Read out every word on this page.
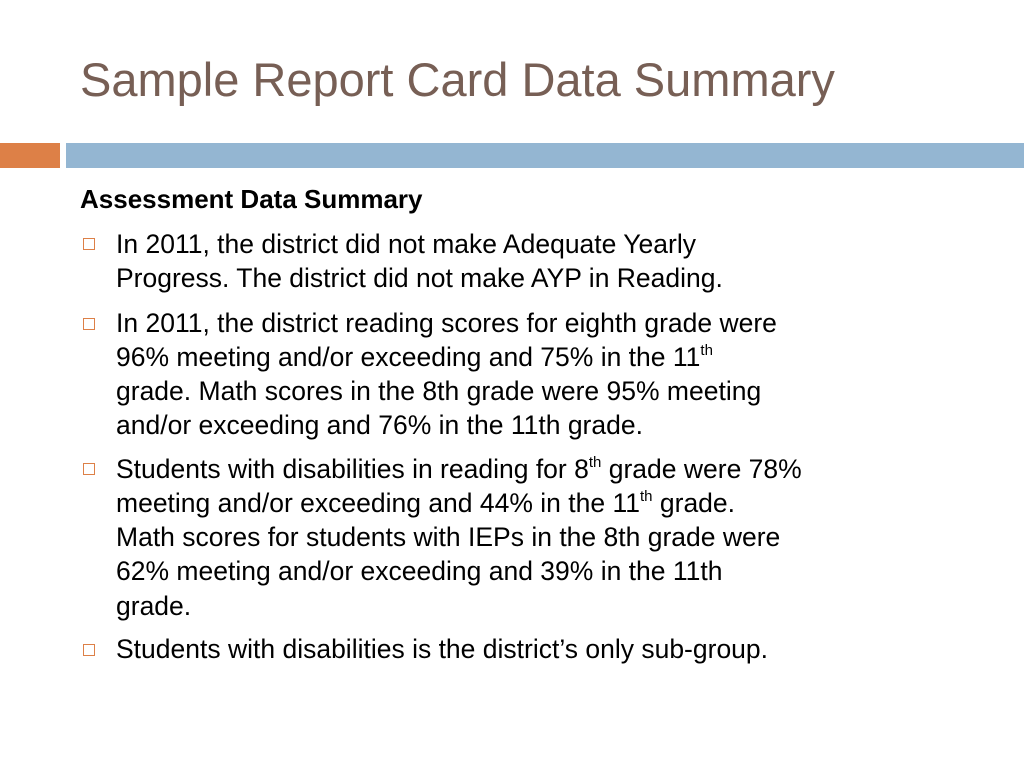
Sample Report Card Data Summary
Assessment Data Summary
In 2011, the district did not make Adequate Yearly
Progress. The district did not make AYP in Reading.
In 2011, the district reading scores for eighth grade were
96% meeting and/or exceeding and 75% in the 11th
grade. Math scores in the 8th grade were 95% meeting
and/or exceeding and 76% in the 11th grade.
Students with disabilities in reading for 8th grade were 78%
meeting and/or exceeding and 44% in the 11th grade.
Math scores for students with IEPs in the 8th grade were
62% meeting and/or exceeding and 39% in the 11th
grade.
Students with disabilities is the district’s only sub-group.
